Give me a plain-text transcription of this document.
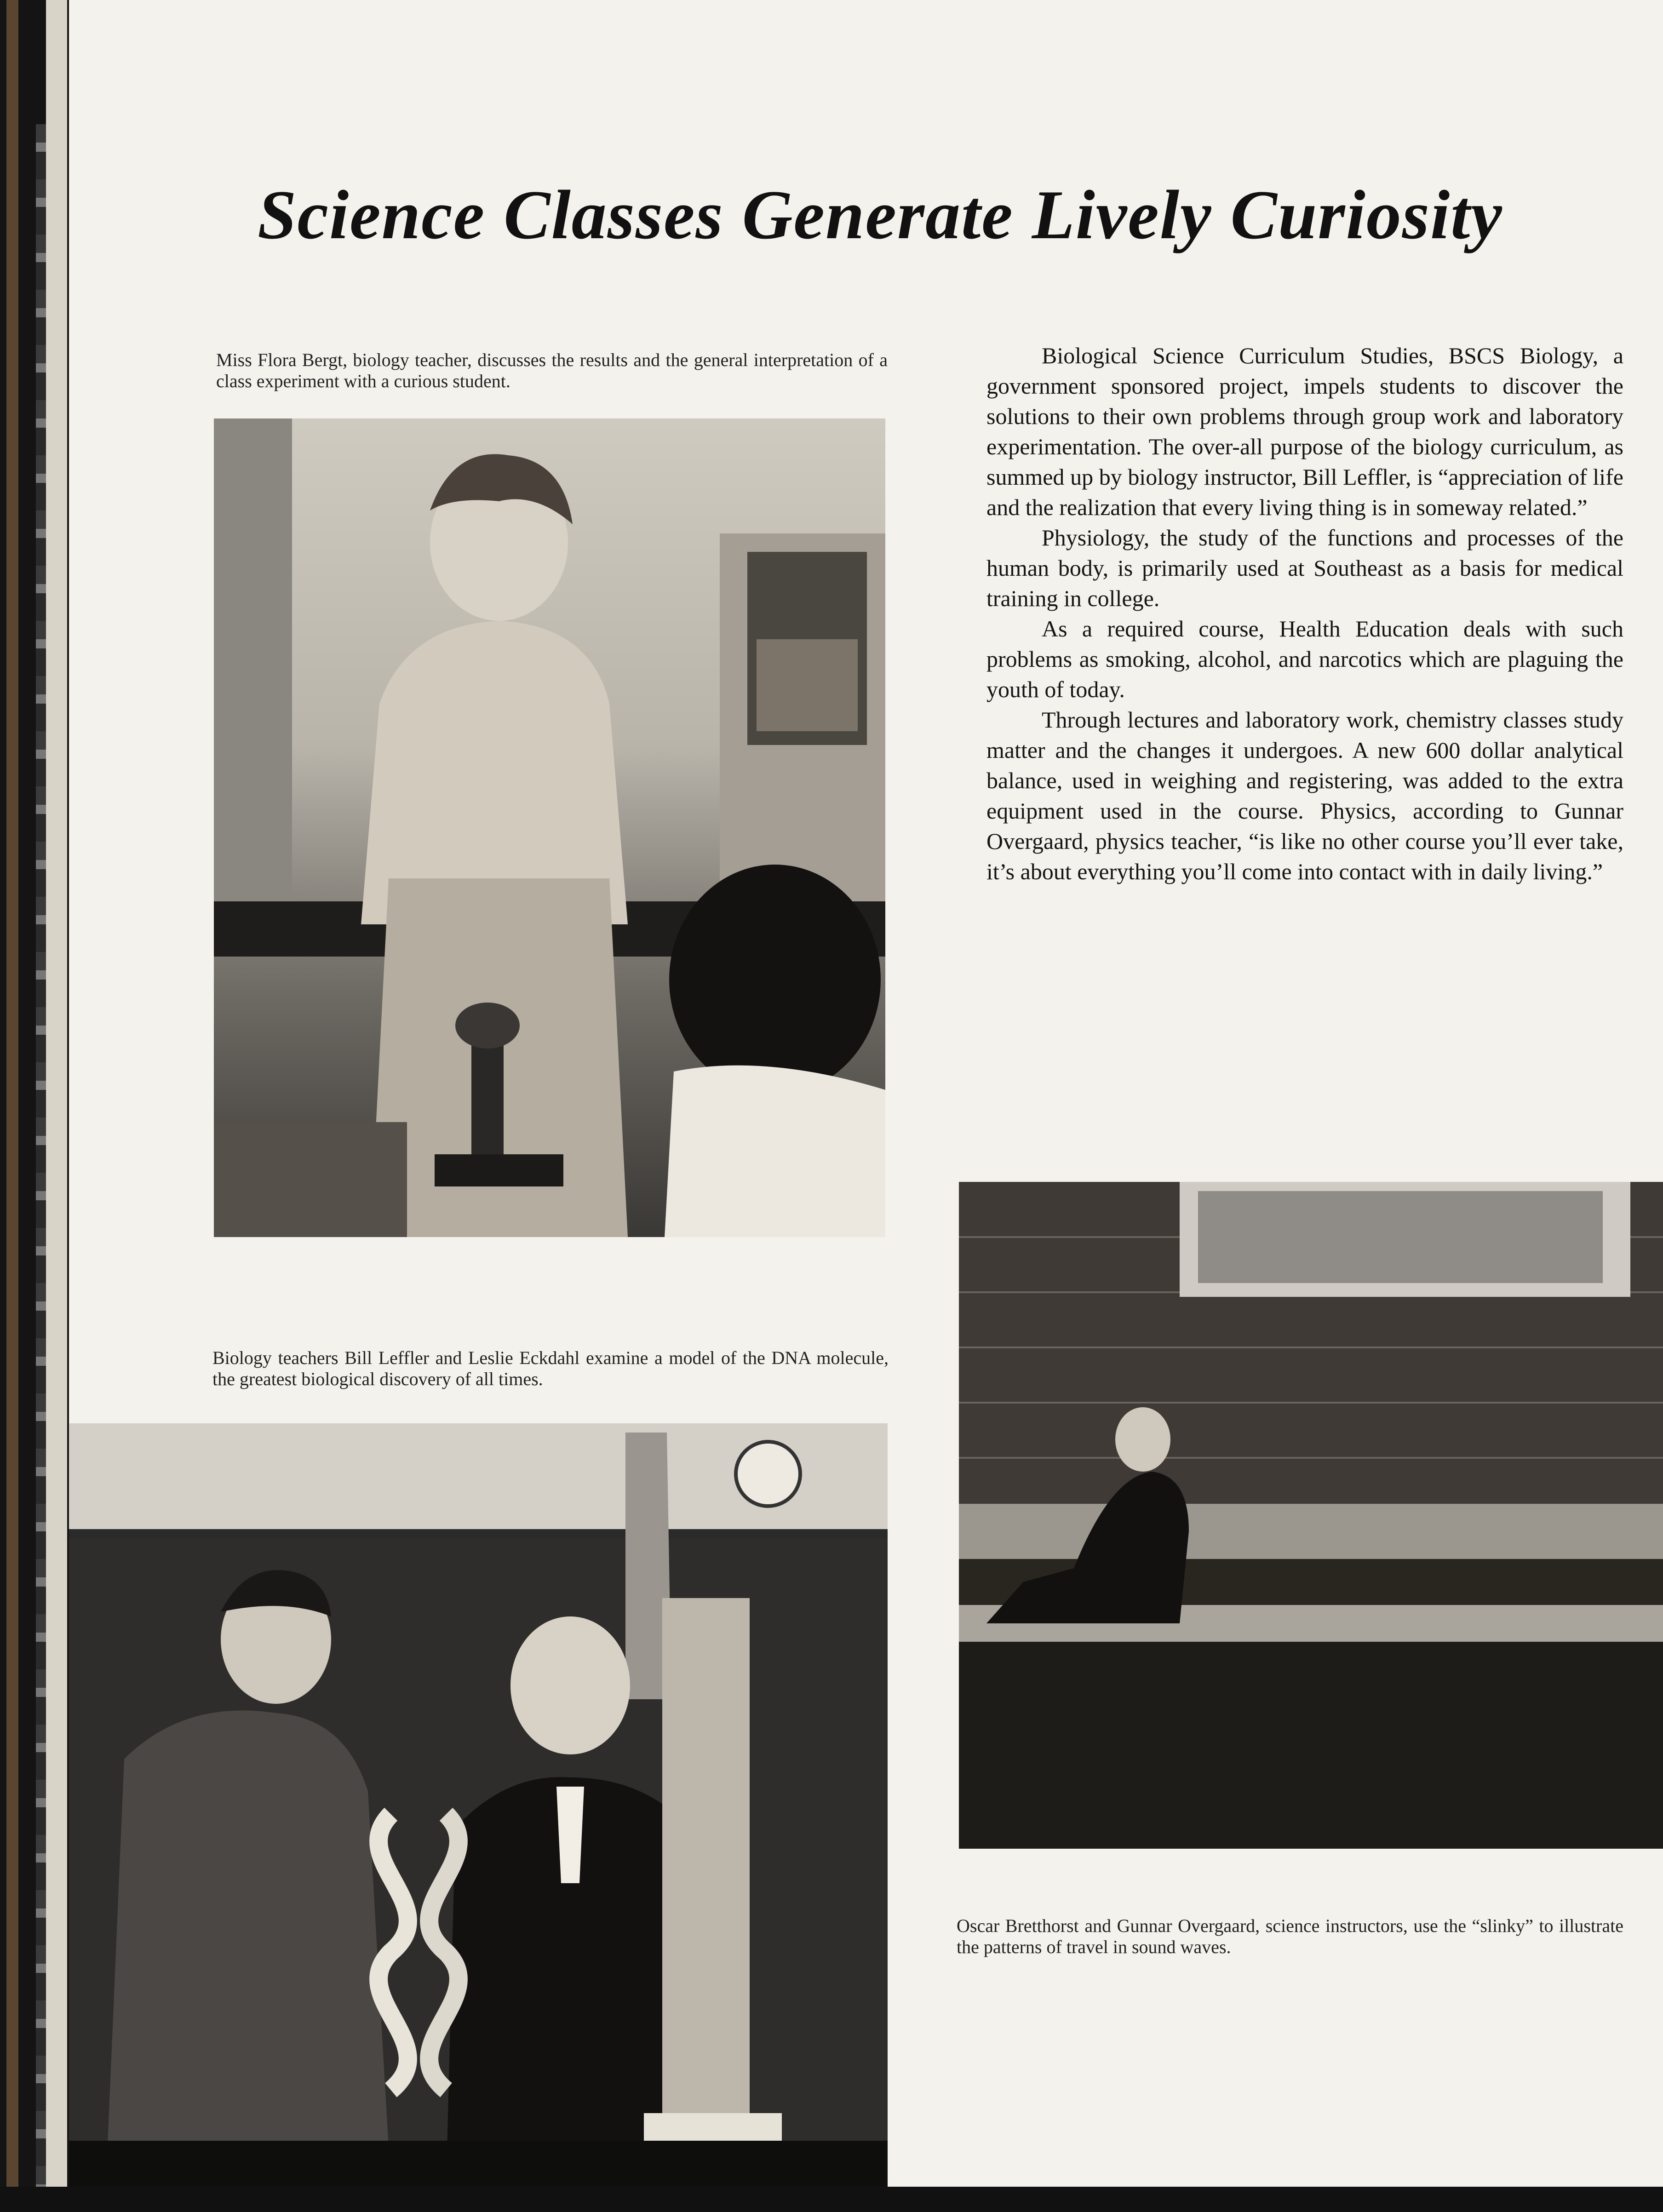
Science Classes Generate Lively Curiosity

Miss Flora Bergt, biology teacher, discusses the results and the general interpretation of a class experiment with a curious student.

Biology teachers Bill Leffler and Leslie Eckdahl examine a model of the DNA molecule, the greatest biological discovery of all times.

Oscar Bretthorst and Gunnar Overgaard, science instructors, use the “slinky” to illustrate the patterns of travel in sound waves.

Biological Science Curriculum Studies, BSCS Biology, a government sponsored project, impels students to discover the solutions to their own problems through group work and laboratory experimentation. The over-all purpose of the biology curriculum, as summed up by biology instructor, Bill Leffler, is “appreciation of life and the realization that every living thing is in someway related.”

Physiology, the study of the functions and processes of the human body, is primarily used at Southeast as a basis for medical training in college.

As a required course, Health Education deals with such problems as smoking, alcohol, and narcotics which are plaguing the youth of today.

Through lectures and laboratory work, chemistry classes study matter and the changes it undergoes. A new 600 dollar analytical balance, used in weighing and registering, was added to the extra equipment used in the course. Physics, according to Gunnar Overgaard, physics teacher, “is like no other course you’ll ever take, it’s about everything you’ll come into contact with in daily living.”
